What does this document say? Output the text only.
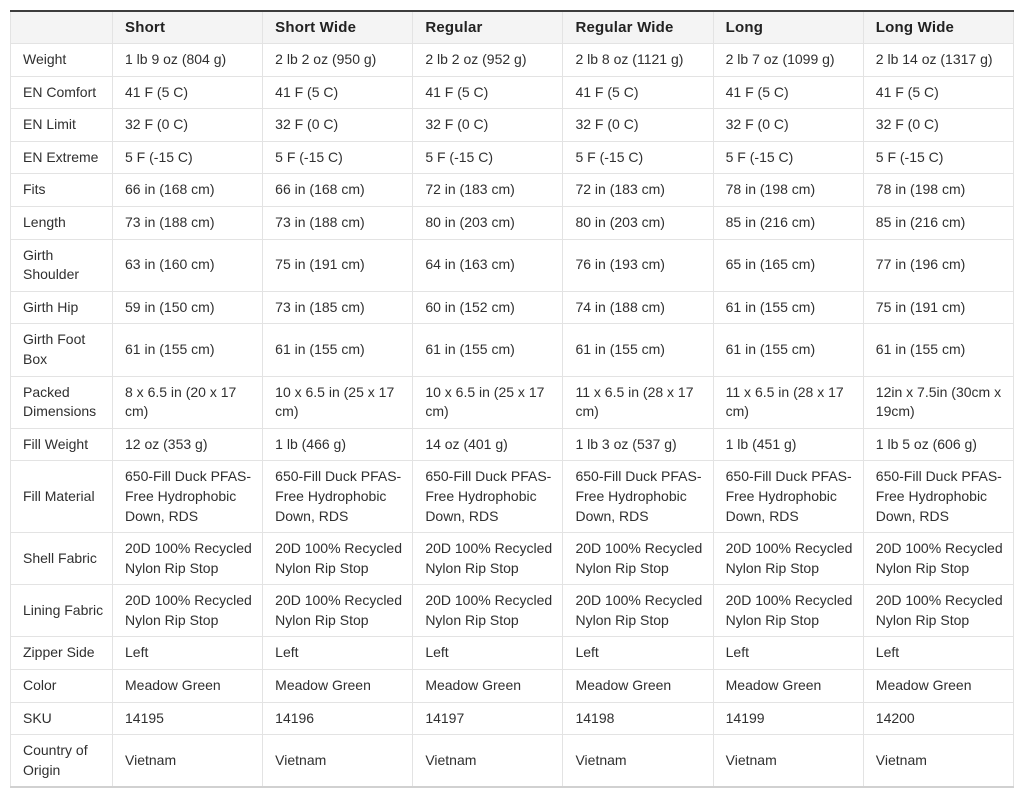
	Short	Short Wide	Regular	Regular Wide	Long	Long Wide
Weight	1 lb 9 oz (804 g)	2 lb 2 oz (950 g)	2 lb 2 oz (952 g)	2 lb 8 oz (1121 g)	2 lb 7 oz (1099 g)	2 lb 14 oz (1317 g)
EN Comfort	41 F (5 C)	41 F (5 C)	41 F (5 C)	41 F (5 C)	41 F (5 C)	41 F (5 C)
EN Limit	32 F (0 C)	32 F (0 C)	32 F (0 C)	32 F (0 C)	32 F (0 C)	32 F (0 C)
EN Extreme	5 F (-15 C)	5 F (-15 C)	5 F (-15 C)	5 F (-15 C)	5 F (-15 C)	5 F (-15 C)
Fits	66 in (168 cm)	66 in (168 cm)	72 in (183 cm)	72 in (183 cm)	78 in (198 cm)	78 in (198 cm)
Length	73 in (188 cm)	73 in (188 cm)	80 in (203 cm)	80 in (203 cm)	85 in (216 cm)	85 in (216 cm)
Girth Shoulder	63 in (160 cm)	75 in (191 cm)	64 in (163 cm)	76 in (193 cm)	65 in (165 cm)	77 in (196 cm)
Girth Hip	59 in (150 cm)	73 in (185 cm)	60 in (152 cm)	74 in (188 cm)	61 in (155 cm)	75 in (191 cm)
Girth Foot Box	61 in (155 cm)	61 in (155 cm)	61 in (155 cm)	61 in (155 cm)	61 in (155 cm)	61 in (155 cm)
Packed Dimensions	8 x 6.5 in (20 x 17 cm)	10 x 6.5 in (25 x 17 cm)	10 x 6.5 in (25 x 17 cm)	11 x 6.5 in (28 x 17 cm)	11 x 6.5 in (28 x 17 cm)	12in x 7.5in (30cm x 19cm)
Fill Weight	12 oz (353 g)	1 lb (466 g)	14 oz (401 g)	1 lb 3 oz (537 g)	1 lb (451 g)	1 lb 5 oz (606 g)
Fill Material	650-Fill Duck PFAS-Free Hydrophobic Down, RDS	650-Fill Duck PFAS-Free Hydrophobic Down, RDS	650-Fill Duck PFAS-Free Hydrophobic Down, RDS	650-Fill Duck PFAS-Free Hydrophobic Down, RDS	650-Fill Duck PFAS-Free Hydrophobic Down, RDS	650-Fill Duck PFAS-Free Hydrophobic Down, RDS
Shell Fabric	20D 100% Recycled Nylon Rip Stop	20D 100% Recycled Nylon Rip Stop	20D 100% Recycled Nylon Rip Stop	20D 100% Recycled Nylon Rip Stop	20D 100% Recycled Nylon Rip Stop	20D 100% Recycled Nylon Rip Stop
Lining Fabric	20D 100% Recycled Nylon Rip Stop	20D 100% Recycled Nylon Rip Stop	20D 100% Recycled Nylon Rip Stop	20D 100% Recycled Nylon Rip Stop	20D 100% Recycled Nylon Rip Stop	20D 100% Recycled Nylon Rip Stop
Zipper Side	Left	Left	Left	Left	Left	Left
Color	Meadow Green	Meadow Green	Meadow Green	Meadow Green	Meadow Green	Meadow Green
SKU	14195	14196	14197	14198	14199	14200
Country of Origin	Vietnam	Vietnam	Vietnam	Vietnam	Vietnam	Vietnam
